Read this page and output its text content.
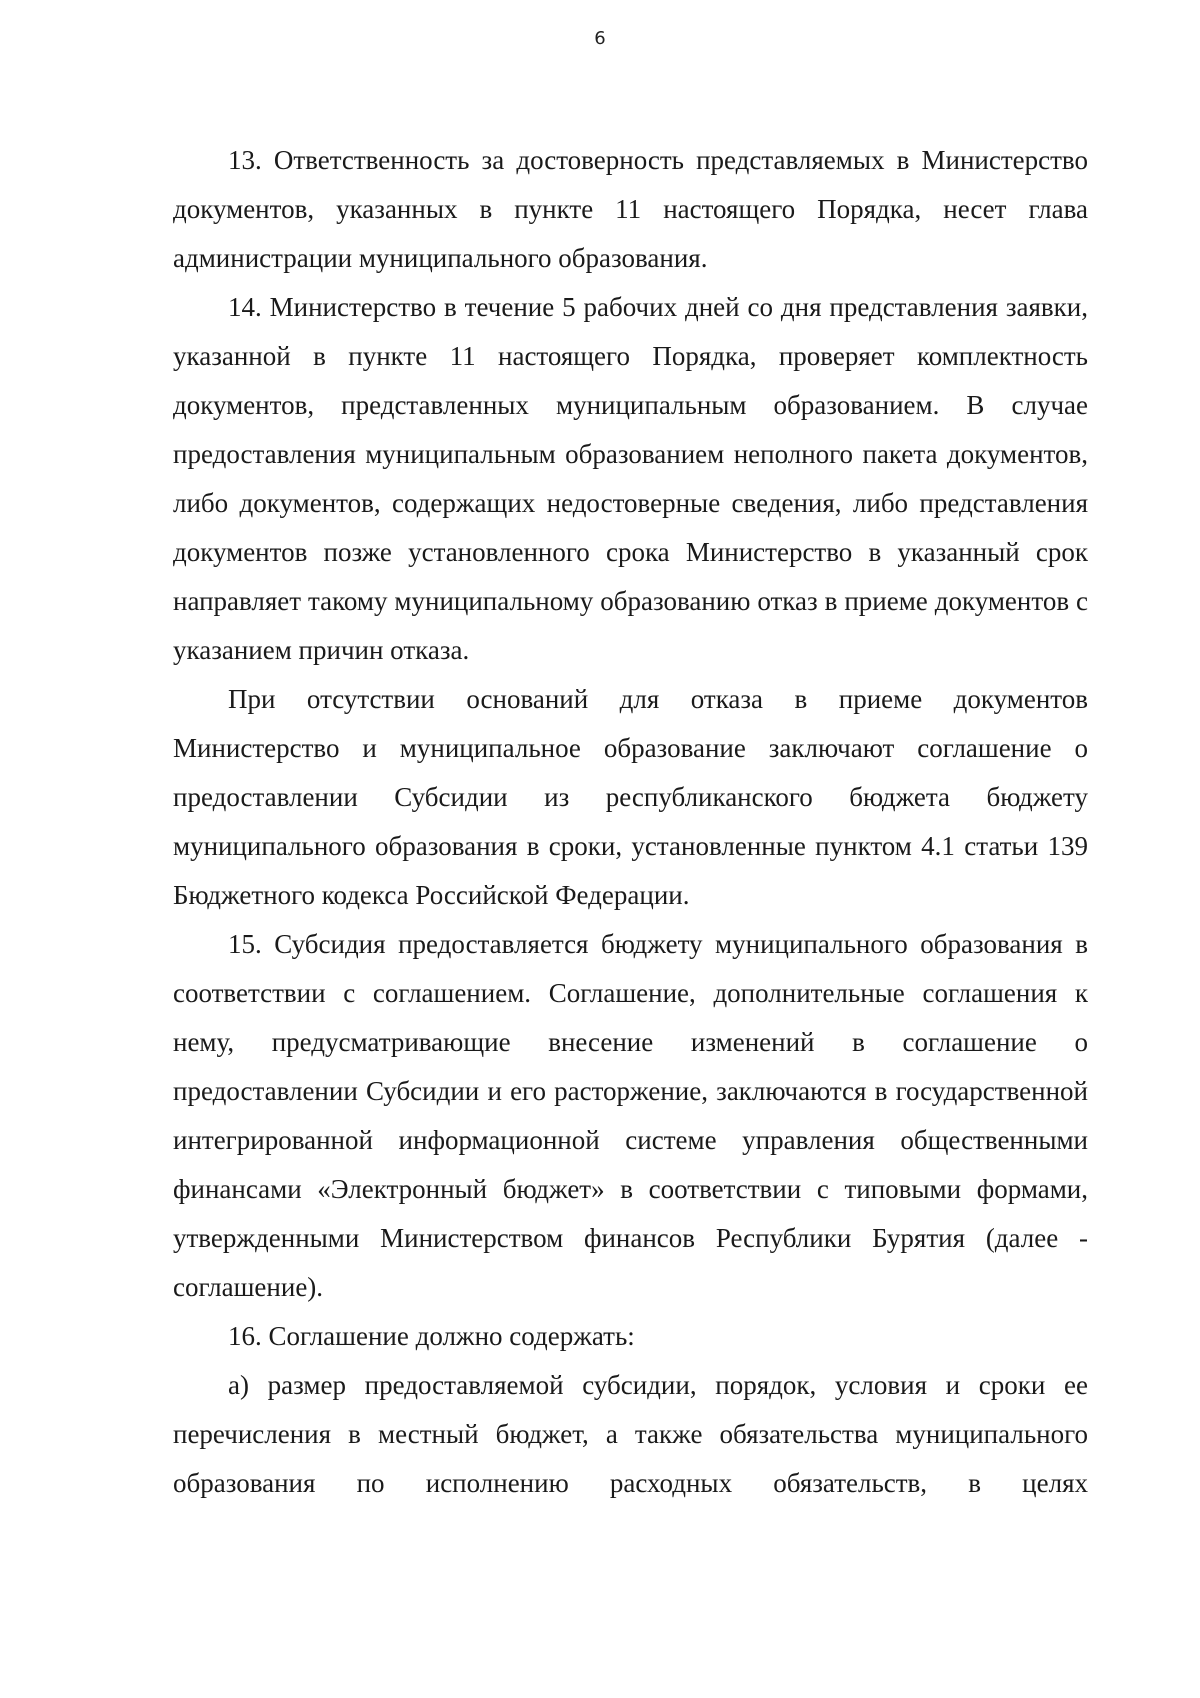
6

13. Ответственность за достоверность представляемых в Министерство документов, указанных в пункте 11 настоящего Порядка, несет глава администрации муниципального образования.

14. Министерство в течение 5 рабочих дней со дня представления заявки, указанной в пункте 11 настоящего Порядка, проверяет комплектность документов, представленных муниципальным образованием. В случае предоставления муниципальным образованием неполного пакета документов, либо документов, содержащих недостоверные сведения, либо представления документов позже установленного срока Министерство в указанный срок направляет такому муниципальному образованию отказ в приеме документов с указанием причин отказа.

При отсутствии оснований для отказа в приеме документов Министерство и муниципальное образование заключают соглашение о предоставлении Субсидии из республиканского бюджета бюджету муниципального образования в сроки, установленные пунктом 4.1 статьи 139 Бюджетного кодекса Российской Федерации.

15. Субсидия предоставляется бюджету муниципального образования в соответствии с соглашением. Соглашение, дополнительные соглашения к нему, предусматривающие внесение изменений в соглашение о предоставлении Субсидии и его расторжение, заключаются в государственной интегрированной информационной системе управления общественными финансами «Электронный бюджет» в соответствии с типовыми формами, утвержденными Министерством финансов Республики Бурятия (далее - соглашение).

16. Соглашение должно содержать:

а) размер предоставляемой субсидии, порядок, условия и сроки ее перечисления в местный бюджет, а также обязательства муниципального образования по исполнению расходных обязательств, в целях
